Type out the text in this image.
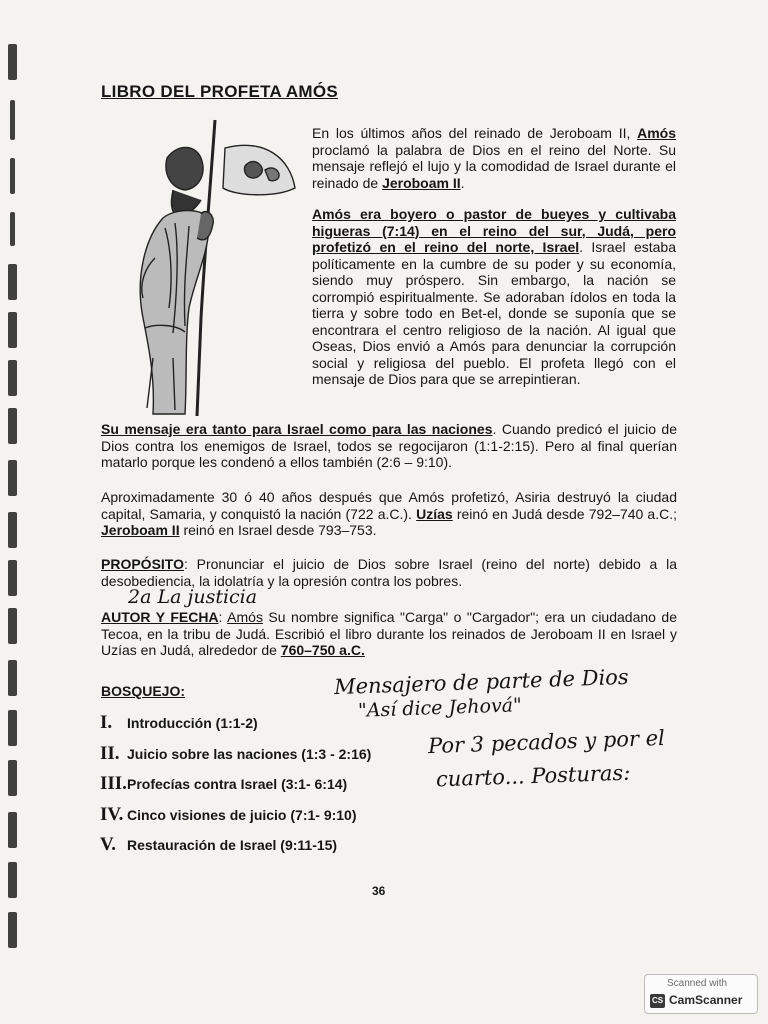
LIBRO DEL PROFETA AMÓS
En los últimos años del reinado de Jeroboam II, Amós proclamó la palabra de Dios en el reino del Norte. Su mensaje reflejó el lujo y la comodidad de Israel durante el reinado de Jeroboam II.
Amós era boyero o pastor de bueyes y cultivaba higueras (7:14) en el reino del sur, Judá, pero profetizó en el reino del norte, Israel. Israel estaba políticamente en la cumbre de su poder y su economía, siendo muy próspero. Sin embargo, la nación se corrompió espiritualmente. Se adoraban ídolos en toda la tierra y sobre todo en Bet-el, donde se suponía que se encontrara el centro religioso de la nación. Al igual que Oseas, Dios envió a Amós para denunciar la corrupción social y religiosa del pueblo. El profeta llegó con el mensaje de Dios para que se arrepintieran.
Su mensaje era tanto para Israel como para las naciones. Cuando predicó el juicio de Dios contra los enemigos de Israel, todos se regocijaron (1:1-2:15). Pero al final querían matarlo porque les condenó a ellos también (2:6 – 9:10).
Aproximadamente 30 ó 40 años después que Amós profetizó, Asiria destruyó la ciudad capital, Samaria, y conquistó la nación (722 a.C.). Uzías reinó en Judá desde 792–740 a.C.; Jeroboam II reinó en Israel desde 793–753.
PROPÓSITO: Pronunciar el juicio de Dios sobre Israel (reino del norte) debido a la desobediencia, la idolatría y la opresión contra los pobres.
AUTOR Y FECHA: Amós Su nombre significa "Carga" o "Cargador"; era un ciudadano de Tecoa, en la tribu de Judá. Escribió el libro durante los reinados de Jeroboam II en Israel y Uzías en Judá, alrededor de 760–750 a.C.
BOSQUEJO:
I.	Introducción (1:1-2)
II. Juicio sobre las naciones (1:3 - 2:16)
III. Profecías contra Israel (3:1- 6:14)
IV. Cinco visiones de juicio (7:1- 9:10)
V. Restauración de Israel (9:11-15)
2a La justicia
Mensajero de parte de Dios
"Así dice Jehová"
Por 3 pecados y por el
cuarto... Posturas:
36
Scanned with
CS CamScanner
